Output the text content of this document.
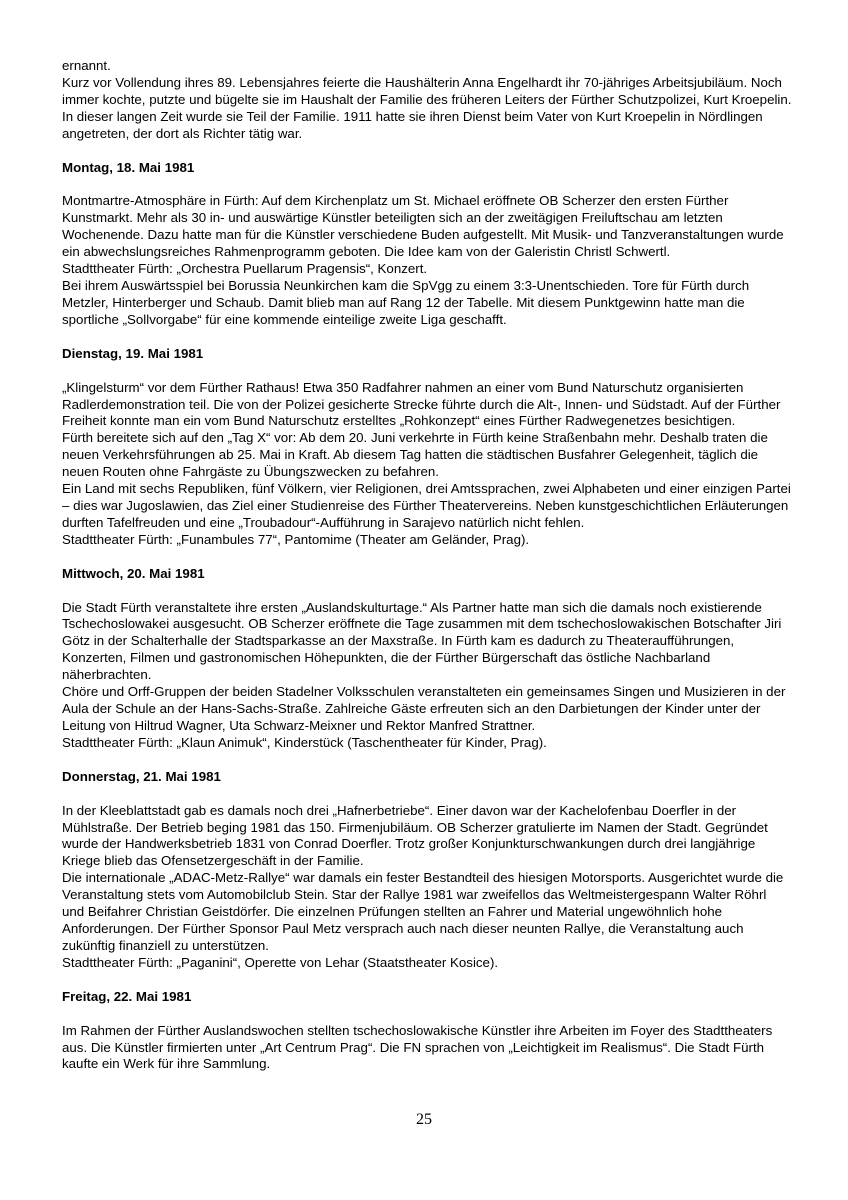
ernannt.

Kurz vor Vollendung ihres 89. Lebensjahres feierte die Haushälterin Anna Engelhardt ihr 70-jähriges Arbeitsjubiläum. Noch immer kochte, putzte und bügelte sie im Haushalt der Familie des früheren Leiters der Fürther Schutzpolizei, Kurt Kroepelin. In dieser langen Zeit wurde sie Teil der Familie. 1911 hatte sie ihren Dienst beim Vater von Kurt Kroepelin in Nördlingen angetreten, der dort als Richter tätig war.

Montag, 18. Mai 1981

Montmartre-Atmosphäre in Fürth: Auf dem Kirchenplatz um St. Michael eröffnete OB Scherzer den ersten Fürther Kunstmarkt. Mehr als 30 in- und auswärtige Künstler beteiligten sich an der zweitägigen Freiluftschau am letzten Wochenende. Dazu hatte man für die Künstler verschiedene Buden aufgestellt. Mit Musik- und Tanzveranstaltungen wurde ein abwechslungsreiches Rahmenprogramm geboten. Die Idee kam von der Galeristin Christl Schwertl.

Stadttheater Fürth: „Orchestra Puellarum Pragensis“, Konzert.

Bei ihrem Auswärtsspiel bei Borussia Neunkirchen kam die SpVgg zu einem 3:3-Unentschieden. Tore für Fürth durch Metzler, Hinterberger und Schaub. Damit blieb man auf Rang 12 der Tabelle. Mit diesem Punktgewinn hatte man die sportliche „Sollvorgabe“ für eine kommende einteilige zweite Liga geschafft.

Dienstag, 19. Mai 1981

„Klingelsturm“ vor dem Fürther Rathaus! Etwa 350 Radfahrer nahmen an einer vom Bund Naturschutz organisierten Radlerdemonstration teil. Die von der Polizei gesicherte Strecke führte durch die Alt-, Innen- und Südstadt. Auf der Fürther Freiheit konnte man ein vom Bund Naturschutz erstelltes „Rohkonzept“ eines Fürther Radwegenetzes besichtigen.

Fürth bereitete sich auf den „Tag X“ vor: Ab dem 20. Juni verkehrte in Fürth keine Straßenbahn mehr. Deshalb traten die neuen Verkehrsführungen ab 25. Mai in Kraft. Ab diesem Tag hatten die städtischen Busfahrer Gelegenheit, täglich die neuen Routen ohne Fahrgäste zu Übungszwecken zu befahren.

Ein Land mit sechs Republiken, fünf Völkern, vier Religionen, drei Amtssprachen, zwei Alphabeten und einer einzigen Partei – dies war Jugoslawien, das Ziel einer Studienreise des Fürther Theatervereins. Neben kunstgeschichtlichen Erläuterungen durften Tafelfreuden und eine „Troubadour“-Aufführung in Sarajevo natürlich nicht fehlen.

Stadttheater Fürth: „Funambules 77“, Pantomime (Theater am Geländer, Prag).

Mittwoch, 20. Mai 1981

Die Stadt Fürth veranstaltete ihre ersten „Auslandskulturtage.“ Als Partner hatte man sich die damals noch existierende Tschechoslowakei ausgesucht. OB Scherzer eröffnete die Tage zusammen mit dem tschechoslowakischen Botschafter Jiri Götz in der Schalterhalle der Stadtsparkasse an der Maxstraße. In Fürth kam es dadurch zu Theateraufführungen, Konzerten, Filmen und gastronomischen Höhepunkten, die der Fürther Bürgerschaft das östliche Nachbarland näherbrachten.

Chöre und Orff-Gruppen der beiden Stadelner Volksschulen veranstalteten ein gemeinsames Singen und Musizieren in der Aula der Schule an der Hans-Sachs-Straße. Zahlreiche Gäste erfreuten sich an den Darbietungen der Kinder unter der Leitung von Hiltrud Wagner, Uta Schwarz-Meixner und Rektor Manfred Strattner.

Stadttheater Fürth: „Klaun Animuk“, Kinderstück (Taschentheater für Kinder, Prag).

Donnerstag, 21. Mai 1981

In der Kleeblattstadt gab es damals noch drei „Hafnerbetriebe“. Einer davon war der Kachelofenbau Doerfler in der Mühlstraße. Der Betrieb beging 1981 das 150. Firmenjubiläum. OB Scherzer gratulierte im Namen der Stadt. Gegründet wurde der Handwerksbetrieb 1831 von Conrad Doerfler. Trotz großer Konjunkturschwankungen durch drei langjährige Kriege blieb das Ofensetzergeschäft in der Familie.

Die internationale „ADAC-Metz-Rallye“ war damals ein fester Bestandteil des hiesigen Motorsports. Ausgerichtet wurde die Veranstaltung stets vom Automobilclub Stein. Star der Rallye 1981 war zweifellos das Weltmeistergespann Walter Röhrl und Beifahrer Christian Geistdörfer. Die einzelnen Prüfungen stellten an Fahrer und Material ungewöhnlich hohe Anforderungen. Der Fürther Sponsor Paul Metz versprach auch nach dieser neunten Rallye, die Veranstaltung auch zukünftig finanziell zu unterstützen.

Stadttheater Fürth: „Paganini“, Operette von Lehar (Staatstheater Kosice).

Freitag, 22. Mai 1981

Im Rahmen der Fürther Auslandswochen stellten tschechoslowakische Künstler ihre Arbeiten im Foyer des Stadttheaters aus. Die Künstler firmierten unter „Art Centrum Prag“. Die FN sprachen von „Leichtigkeit im Realismus“. Die Stadt Fürth kaufte ein Werk für ihre Sammlung.

25
